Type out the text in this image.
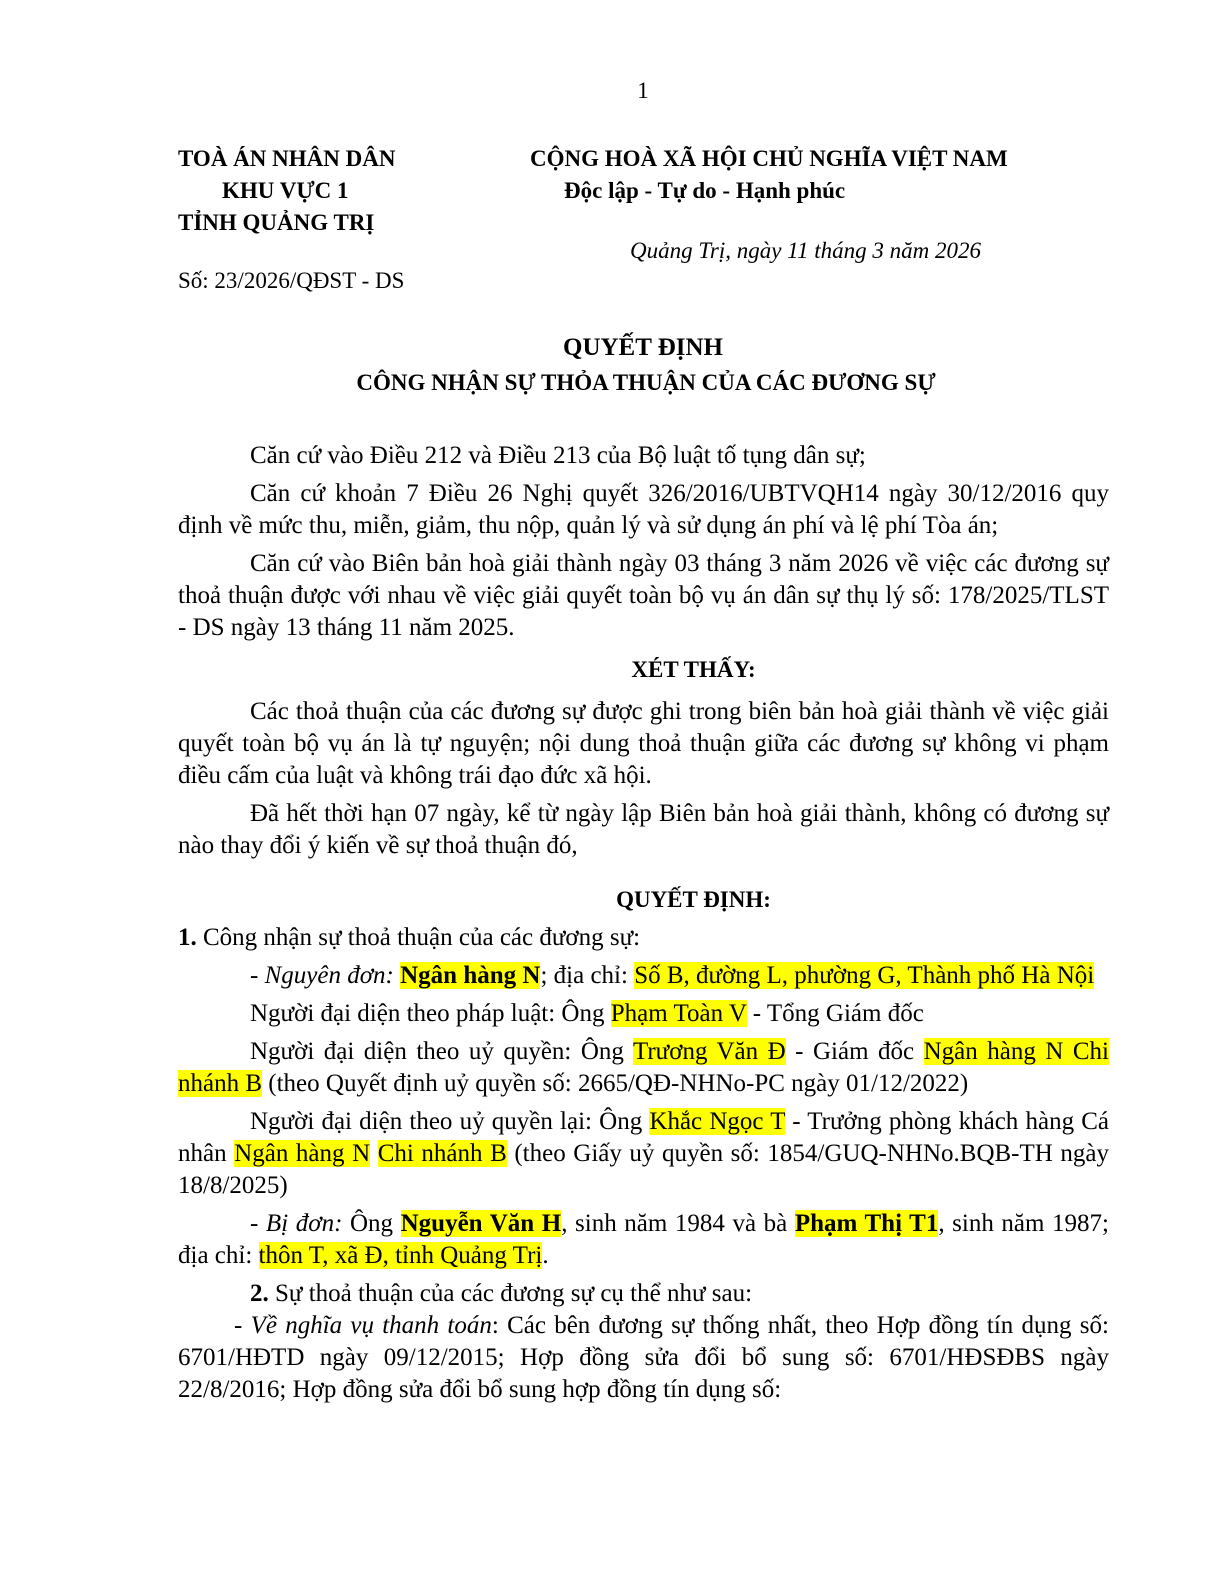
1
TOÀ ÁN NHÂN DÂN
KHU VỰC 1
TỈNH QUẢNG TRỊ
CỘNG HOÀ XÃ HỘI CHỦ NGHĨA VIỆT NAM
Độc lập - Tự do - Hạnh phúc
Quảng Trị, ngày 11 tháng 3 năm 2026
Số: 23/2026/QĐST - DS
QUYẾT ĐỊNH
CÔNG NHẬN SỰ THỎA THUẬN CỦA CÁC ĐƯƠNG SỰ

Căn cứ vào Điều 212 và Điều 213 của Bộ luật tố tụng dân sự;

Căn cứ khoản 7 Điều 26 Nghị quyết 326/2016/UBTVQH14 ngày 30/12/2016 quy định về mức thu, miễn, giảm, thu nộp, quản lý và sử dụng án phí và lệ phí Tòa án;

Căn cứ vào Biên bản hoà giải thành ngày 03 tháng 3 năm 2026 về việc các đương sự thoả thuận được với nhau về việc giải quyết toàn bộ vụ án dân sự thụ lý số: 178/2025/TLST - DS ngày 13 tháng 11 năm 2025.

XÉT THẤY:

Các thoả thuận của các đương sự được ghi trong biên bản hoà giải thành về việc giải quyết toàn bộ vụ án là tự nguyện; nội dung thoả thuận giữa các đương sự không vi phạm điều cấm của luật và không trái đạo đức xã hội.

Đã hết thời hạn 07 ngày, kể từ ngày lập Biên bản hoà giải thành, không có đương sự nào thay đổi ý kiến về sự thoả thuận đó,

QUYẾT ĐỊNH:

1. Công nhận sự thoả thuận của các đương sự:

- Nguyên đơn: Ngân hàng N; địa chỉ: Số B, đường L, phường G, Thành phố Hà Nội

Người đại diện theo pháp luật: Ông Phạm Toàn V - Tổng Giám đốc

Người đại diện theo uỷ quyền: Ông Trương Văn Đ - Giám đốc Ngân hàng N Chi nhánh B (theo Quyết định uỷ quyền số: 2665/QĐ-NHNo-PC ngày 01/12/2022)

Người đại diện theo uỷ quyền lại: Ông Khắc Ngọc T - Trưởng phòng khách hàng Cá nhân Ngân hàng N Chi nhánh B (theo Giấy uỷ quyền số: 1854/GUQ-NHNo.BQB-TH ngày 18/8/2025)

- Bị đơn: Ông Nguyễn Văn H, sinh năm 1984 và bà Phạm Thị T1, sinh năm 1987; địa chỉ: thôn T, xã Đ, tỉnh Quảng Trị.

2. Sự thoả thuận của các đương sự cụ thể như sau:

- Về nghĩa vụ thanh toán: Các bên đương sự thống nhất, theo Hợp đồng tín dụng số: 6701/HĐTD ngày 09/12/2015; Hợp đồng sửa đổi bổ sung số: 6701/HĐSĐBS ngày 22/8/2016; Hợp đồng sửa đổi bổ sung hợp đồng tín dụng số:
